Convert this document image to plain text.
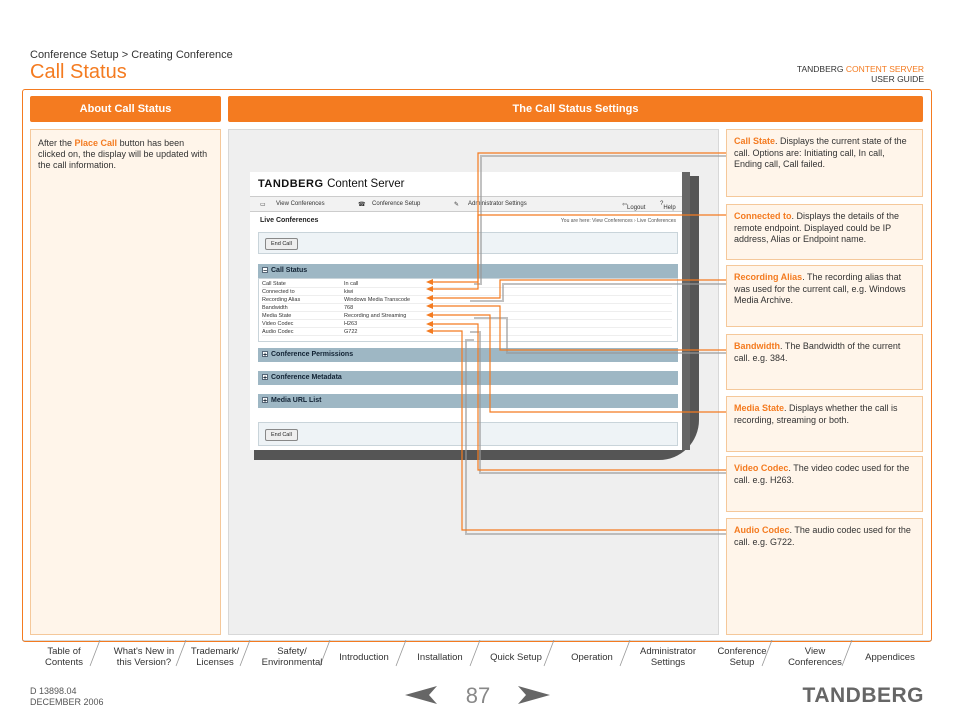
Conference Setup > Creating Conference
Call Status	TANDBERG CONTENT SERVER
USER GUIDE
About Call Status	The Call Status Settings

After the Place Call button has been clicked on, the display will be updated with the call information.

TANDBERG Content Server
▭ View Conferences	☎ Conference Setup	✎ Administrator Settings	⇦ Logout
?
Help
Live Conferences	You are here: View Conferences › Live Conferences
End Call
− Call Status
Call State	In call
Connected to	kiwi
Recording Alias	Windows Media Transcode
Bandwidth	768
Media State	Recording and Streaming
Video Codec	H263
Audio Codec	G722
+ Conference Permissions
+ Conference Metadata
+ Media URL List
End Call
Call State. Displays the current state of the call. Options are: Initiating call, In call, Ending call, Call failed.
Connected to. Displays the details of the remote endpoint. Displayed could be IP address, Alias or Endpoint name.
Recording Alias. The recording alias that was used for the current call, e.g. Windows Media Archive.
Bandwidth. The Bandwidth of the current call. e.g. 384.
Media State. Displays whether the call is recording, streaming or both.
Video Codec. The video codec used for the call. e.g. H263.
Audio Codec. The audio codec used for the call. e.g. G722.
Table of
Contents
What's New in
this Version?
Trademark/
Licenses
Safety/
Environmental Introduction	Installation	Quick Setup	Operation	Administrator
Settings
Conference
Setup
View
Conferences Appendices
D 13898.04
DECEMBER 2006	87	TANDBERG
